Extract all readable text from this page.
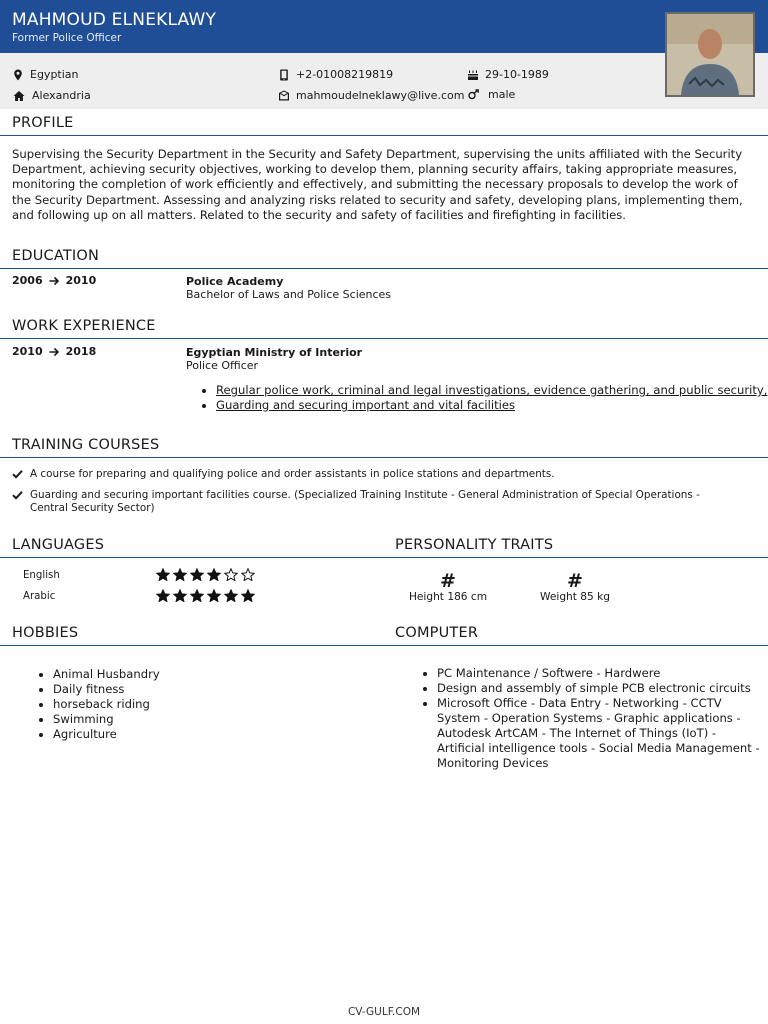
MAHMOUD ELNEKLAWY
Former Police Officer
Egyptian
Alexandria
+2-01008219819
mahmoudelneklawy@live.com
29-10-1989
male
PROFILE
Supervising the Security Department in the Security and Safety Department, supervising the units affiliated with the Security Department, achieving security objectives, working to develop them, planning security affairs, taking appropriate measures, monitoring the completion of work efficiently and effectively, and submitting the necessary proposals to develop the work of the Security Department. Assessing and analyzing risks related to security and safety, developing plans, implementing them, and following up on all matters. Related to the security and safety of facilities and firefighting in facilities.
EDUCATION
2006 2010	Police Academy
Bachelor of Laws and Police Sciences
WORK EXPERIENCE
2010 2018	Egyptian Ministry of Interior
Police Officer
• Regular police work, criminal and legal investigations, evidence gathering, and public security,
• Guarding and securing important and vital facilities
TRAINING COURSES
A course for preparing and qualifying police and order assistants in police stations and departments.
Guarding and securing important facilities course. (Specialized Training Institute - General Administration of Special Operations - Central Security Sector)
LANGUAGES
English
Arabic
PERSONALITY TRAITS
#
Height 186 cm
#
Weight 85 kg
HOBBIES
• Animal Husbandry
• Daily fitness
• horseback riding
• Swimming
• Agriculture
COMPUTER
• PC Maintenance / Softwere - Hardwere
• Design and assembly of simple PCB electronic circuits
• Microsoft Office - Data Entry - Networking - CCTV System - Operation Systems - Graphic applications - Autodesk ArtCAM - The Internet of Things (IoT) - Artificial intelligence tools - Social Media Management - Monitoring Devices
CV-GULF.COM
